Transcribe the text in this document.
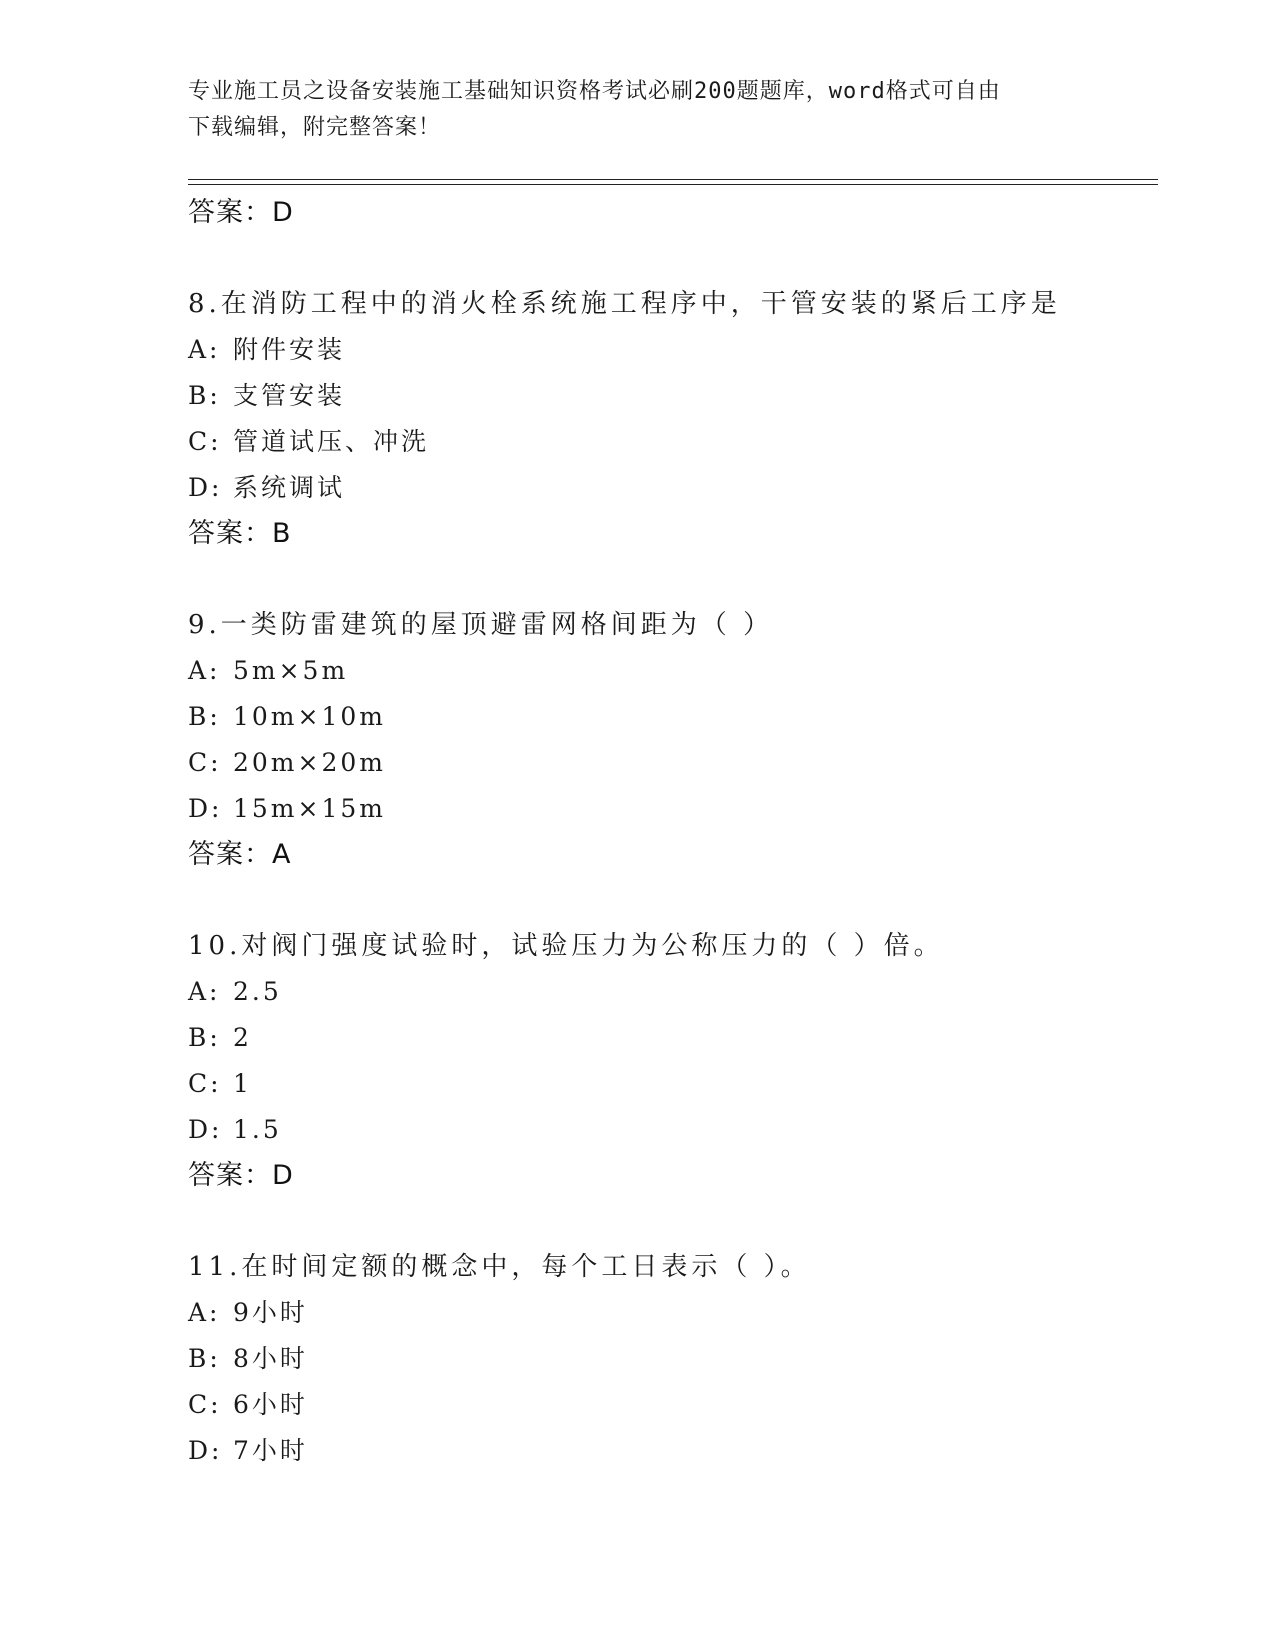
专业施工员之设备安装施工基础知识资格考试必刷200题题库，word格式可自由
下载编辑，附完整答案！
答案：D
8.在消防工程中的消火栓系统施工程序中，干管安装的紧后工序是
A: 附件安装
B: 支管安装
C: 管道试压、冲洗
D: 系统调试
答案：B
9.一类防雷建筑的屋顶避雷网格间距为（ ）
A: 5m×5m
B: 10m×10m
C: 20m×20m
D: 15m×15m
答案：A
10.对阀门强度试验时，试验压力为公称压力的（ ）倍。
A: 2.5
B: 2
C: 1
D: 1.5
答案：D
11.在时间定额的概念中，每个工日表示（ ）。
A: 9小时
B: 8小时
C: 6小时
D: 7小时
